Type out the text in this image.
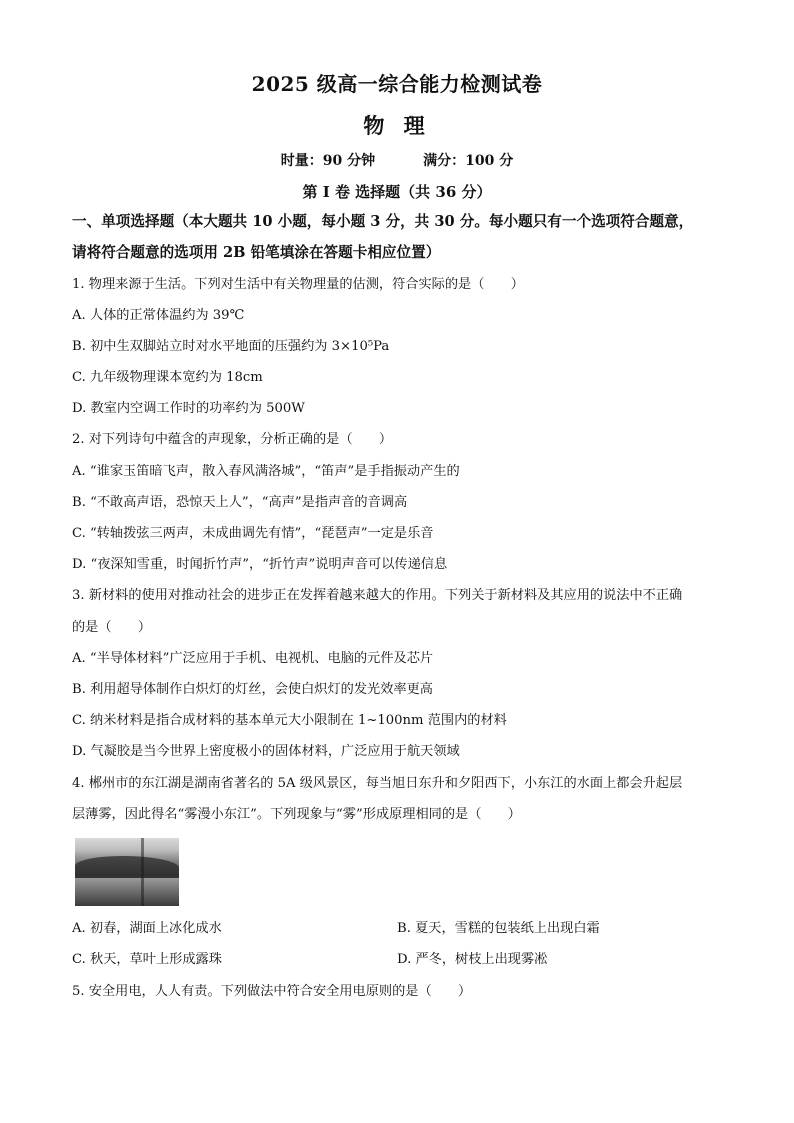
2025 级高一综合能力检测试卷
物 理
时量：90 分钟	满分：100 分
第 I 卷 选择题（共 36 分）
一、单项选择题（本大题共 10 小题，每小题 3 分，共 30 分。每小题只有一个选项符合题意，
请将符合题意的选项用 2B 铅笔填涂在答题卡相应位置）
1. 物理来源于生活。下列对生活中有关物理量的估测，符合实际的是（　　）
A. 人体的正常体温约为 39℃
B. 初中生双脚站立时对水平地面的压强约为 3×10⁵Pa
C. 九年级物理课本宽约为 18cm
D. 教室内空调工作时的功率约为 500W
2. 对下列诗句中蕴含的声现象，分析正确的是（　　）
A. “谁家玉笛暗飞声，散入春风满洛城”，“笛声”是手指振动产生的
B. “不敢高声语，恐惊天上人”，“高声”是指声音的音调高
C. “转轴拨弦三两声，未成曲调先有情”，“琵琶声”一定是乐音
D. “夜深知雪重，时闻折竹声”，“折竹声”说明声音可以传递信息
3. 新材料的使用对推动社会的进步正在发挥着越来越大的作用。下列关于新材料及其应用的说法中不正确
的是（　　）
A. “半导体材料”广泛应用于手机、电视机、电脑的元件及芯片
B. 利用超导体制作白炽灯的灯丝，会使白炽灯的发光效率更高
C. 纳米材料是指合成材料的基本单元大小限制在 1~100nm 范围内的材料
D. 气凝胶是当今世界上密度极小的固体材料，广泛应用于航天领域
4. 郴州市的东江湖是湖南省著名的 5A 级风景区，每当旭日东升和夕阳西下，小东江的水面上都会升起层
层薄雾，因此得名“雾漫小东江”。下列现象与“雾”形成原理相同的是（　　）
A. 初春，湖面上冰化成水	B. 夏天，雪糕的包装纸上出现白霜
C. 秋天，草叶上形成露珠	D. 严冬，树枝上出现雾凇
5. 安全用电，人人有责。下列做法中符合安全用电原则的是（　　）
